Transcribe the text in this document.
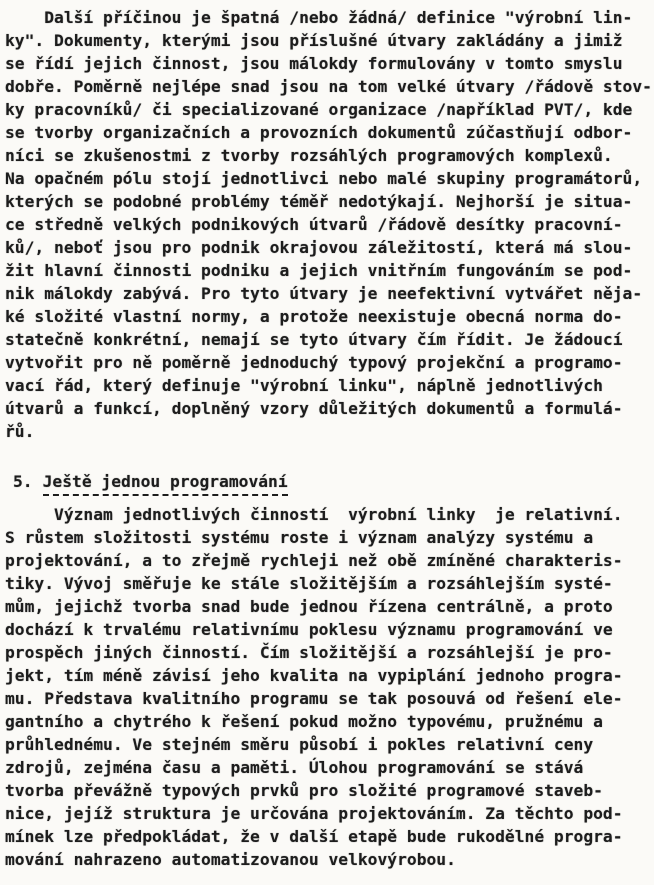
Další příčinou je špatná /nebo žádná/ definice "výrobní lin-
ky". Dokumenty, kterými jsou příslušné útvary zakládány a jimiž
se řídí jejich činnost, jsou málokdy formulovány v tomto smyslu
dobře. Poměrně nejlépe snad jsou na tom velké útvary /řádově stov-
ky pracovníků/ či specializované organizace /například PVT/, kde
se tvorby organizačních a provozních dokumentů zúčastňují odbor-
níci se zkušenostmi z tvorby rozsáhlých programových komplexů.
Na opačném pólu stojí jednotlivci nebo malé skupiny programátorů,
kterých se podobné problémy téměř nedotýkají. Nejhorší je situa-
ce středně velkých podnikových útvarů /řádově desítky pracovní-
ků/, neboť jsou pro podnik okrajovou záležitostí, která má slou-
žit hlavní činnosti podniku a jejich vnitřním fungováním se pod-
nik málokdy zabývá. Pro tyto útvary je neefektivní vytvářet něja-
ké složité vlastní normy, a protože neexistuje obecná norma do-
statečně konkrétní, nemají se tyto útvary čím řídit. Je žádoucí
vytvořit pro ně poměrně jednoduchý typový projekční a programo-
vací řád, který definuje "výrobní linku", náplně jednotlivých
útvarů a funkcí, doplněný vzory důležitých dokumentů a formulá-
řů.
5. Ještě jednou programování
Význam jednotlivých činností  výrobní linky  je relativní.
S růstem složitosti systému roste i význam analýzy systému a
projektování, a to zřejmě rychleji než obě zmíněné charakteris-
tiky. Vývoj směřuje ke stále složitějším a rozsáhlejším systé-
mům, jejichž tvorba snad bude jednou řízena centrálně, a proto
dochází k trvalému relativnímu poklesu významu programování ve
prospěch jiných činností. Čím složitější a rozsáhlejší je pro-
jekt, tím méně závisí jeho kvalita na vypiplání jednoho progra-
mu. Představa kvalitního programu se tak posouvá od řešení ele-
gantního a chytrého k řešení pokud možno typovému, pružnému a
průhlednému. Ve stejném směru působí i pokles relativní ceny
zdrojů, zejména času a paměti. Úlohou programování se stává
tvorba převážně typových prvků pro složité programové staveb-
nice, jejíž struktura je určována projektováním. Za těchto pod-
mínek lze předpokládat, že v další etapě bude rukodělné progra-
mování nahrazeno automatizovanou velkovýrobou.
